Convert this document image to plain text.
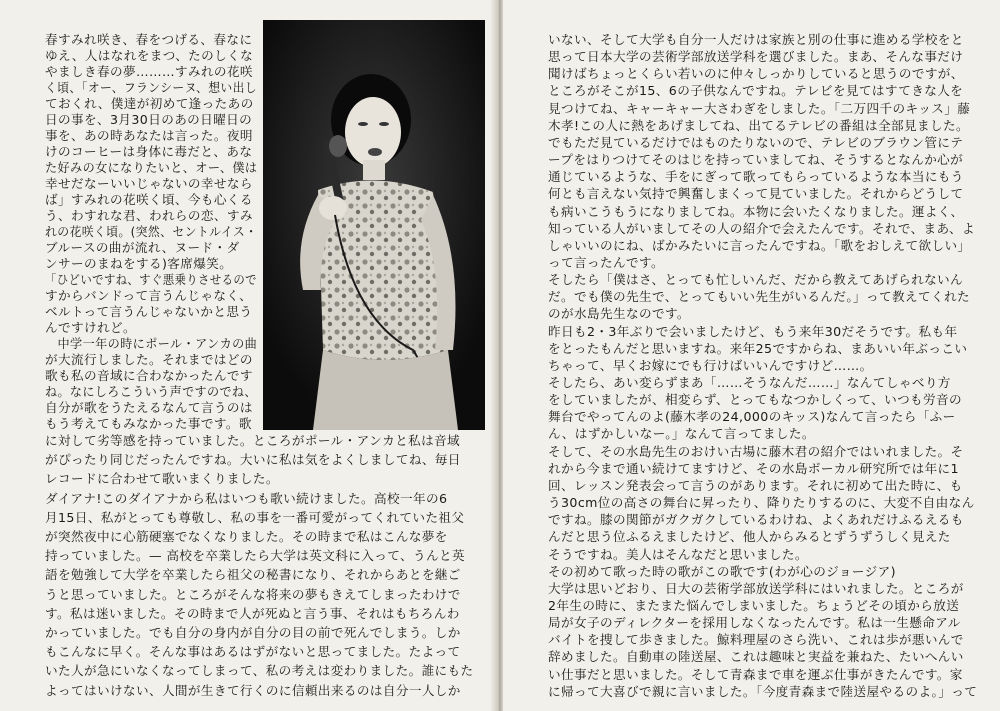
春すみれ咲き、春をつげる、春なに
ゆえ、人はなれをまつ、たのしくな
やましき春の夢………すみれの花咲
く頃、「オー、フランシーヌ、想い出し
ておくれ、僕達が初めて逢ったあの
日の事を、3月30日のあの日曜日の
事を、あの時あなたは言った。夜明
けのコーヒーは身体に毒だと、あな
た好みの女になりたいと、オー、僕は
幸せだなーいいじゃないの幸せなら
ば」すみれの花咲く頃、今も心くる
う、わすれな君、われらの恋、すみ
れの花咲く頃。(突然、セントルイス・
ブルースの曲が流れ、ヌード・ダ
ンサーのまねをする)客席爆笑。
「ひどいですね、すぐ悪乗りさせるので
すからバンドって言うんじゃなく、
ベルトって言うんじゃないかと思う
んですけれど。
　中学一年の時にポール・アンカの曲
が大流行しました。それまではどの
歌も私の音域に合わなかったんです
ね。なにしろこういう声ですのでね、
自分が歌をうたえるなんて言うのは
もう考えてもみなかった事です。歌
に対して劣等感を持っていました。ところがポール・アンカと私は音域
がぴったり同じだったんですね。大いに私は気をよくしましてね、毎日
レコードに合わせて歌いまくりました。
ダイアナ!このダイアナから私はいつも歌い続けました。高校一年の6
月15日、私がとっても尊敬し、私の事を一番可愛がってくれていた祖父
が突然夜中に心筋硬塞でなくなりました。その時まで私はこんな夢を
持っていました。— 高校を卒業したら大学は英文科に入って、うんと英
語を勉強して大学を卒業したら祖父の秘書になり、それからあとを継ご
うと思っていました。ところがそんな将来の夢もきえてしまったわけで
す。私は迷いました。その時まで人が死ぬと言う事、それはもちろんわ
かっていました。でも自分の身内が自分の目の前で死んでしまう。しか
もこんなに早く。そんな事はあるはずがないと思ってました。たよって
いた人が急にいなくなってしまって、私の考えは変わりました。誰にもた
よってはいけない、人間が生きて行くのに信頼出来るのは自分一人しか
いない、そして大学も自分一人だけは家族と別の仕事に進める学校をと
思って日本大学の芸術学部放送学科を選びました。まあ、そんな事だけ
聞けばちょっとくらい若いのに仲々しっかりしていると思うのですが、
ところがそこが15、6の子供なんですね。テレビを見てはすてきな人を
見つけてね、キャーキャー大さわぎをしました。「二万四千のキッス」藤
木孝!この人に熱をあげましてね、出てるテレビの番組は全部見ました。
でもただ見ているだけではものたりないので、テレビのブラウン管にテ
ープをはりつけてそのはじを持っていましてね、そうするとなんか心が
通じているような、手をにぎって歌ってもらっているような本当にもう
何とも言えない気持で興奮しまくって見ていました。それからどうして
も病いこうもうになりましてね。本物に会いたくなりました。運よく、
知っている人がいましてその人の紹介で会えたんです。それで、まあ、よ
しゃいいのにね、ばかみたいに言ったんですね。「歌をおしえて欲しい」
って言ったんです。
そしたら「僕はさ、とっても忙しいんだ、だから教えてあげられないん
だ。でも僕の先生で、とってもいい先生がいるんだ。」って教えてくれた
のが水島先生なのです。
昨日も2・3年ぶりで会いましたけど、もう来年30だそうです。私も年
をとったもんだと思いますね。来年25ですからね、まあいい年ぶっこい
ちゃって、早くお嫁にでも行けばいいんですけど……。
そしたら、あい変らずまあ「……そうなんだ……」なんてしゃべり方
をしていましたが、相変らず、とってもなつかしくって、いつも労音の
舞台でやってんのよ(藤木孝の24,000のキッス)なんて言ったら「ふー
ん、はずかしいなー。」なんて言ってました。
そして、その水島先生のおけい古場に藤木君の紹介ではいれました。そ
れから今まで通い続けてますけど、その水島ボーカル研究所では年に1
回、レッスン発表会って言うのがあります。それに初めて出た時に、も
う30cm位の高さの舞台に昇ったり、降りたりするのに、大変不自由なん
ですね。膝の関節がガクガクしているわけね、よくあれだけふるえるも
んだと思う位ふるえましたけど、他人からみるとずうずうしく見えた
そうですね。美人はそんなだと思いました。
その初めて歌った時の歌がこの歌です(わが心のジョージア)
大学は思いどおり、日大の芸術学部放送学科にはいれました。ところが
2年生の時に、またまた悩んでしまいました。ちょうどその頃から放送
局が女子のディレクターを採用しなくなったんです。私は一生懸命アル
バイトを捜して歩きました。鯨料理屋のさら洗い、これは歩が悪いんで
辞めました。自動車の陸送屋、これは趣味と実益を兼ねた、たいへんい
い仕事だと思いました。そして青森まで車を運ぶ仕事がきたんです。家
に帰って大喜びで親に言いました。「今度青森まで陸送屋やるのよ。」って
